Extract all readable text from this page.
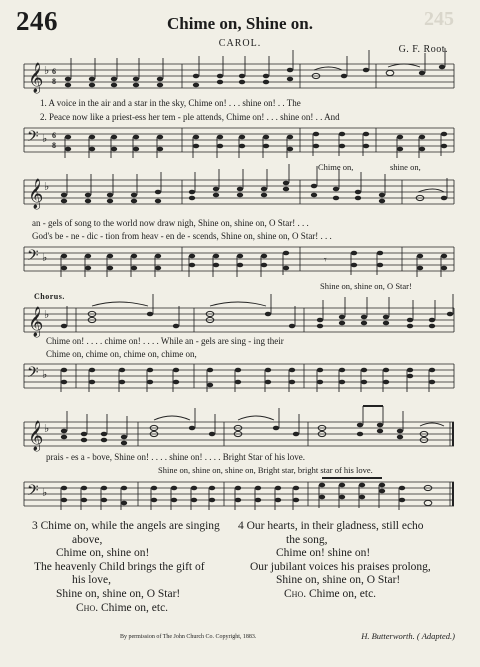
246	245
Chime on, Shine on.
CAROL.
G. F. Root.
𝄞 ♭ 6
8
1. A voice in the air and a star in the sky, Chime on! . . . shine on! . . The
2. Peace now like a priest-ess her tem - ple attends, Chime on! . . . shine on! . . And
𝄢 ♭ 6
8
Chime on,	shine on,
𝄞 ♭
an - gels of song to the world now draw nigh, Shine on, shine on, O Star! . . .
God's be - ne - dic - tion from heav - en de - scends, Shine on, shine on, O Star! . . .
𝄢 ♭	𝄾
Shine on, shine on, O Star!
Chorus.
𝄞 ♭
Chime on! . . . . chime on! . . . . While an - gels are sing - ing their
Chime on, chime on, chime on, chime on,
𝄢 ♭
𝄞 ♭
prais - es a - bove, Shine on! . . . . shine on! . . . . Bright Star of his love.
Shine on, shine on, shine on, Bright star, bright star of his love.
𝄢 ♭
3 Chime on, while the angels are singing
above,
Chime on, shine on!
The heavenly Child brings the gift of
his love,
Shine on, shine on, O Star!
Cho. Chime on, etc.
4 Our hearts, in their gladness, still echo
the song,
Chime on! shine on!
Our jubilant voices his praises prolong,
Shine on, shine on, O Star!
Cho. Chime on, etc.
By permission of The John Church Co. Copyright, 1883.	H. Butterworth. ( Adapted.)
